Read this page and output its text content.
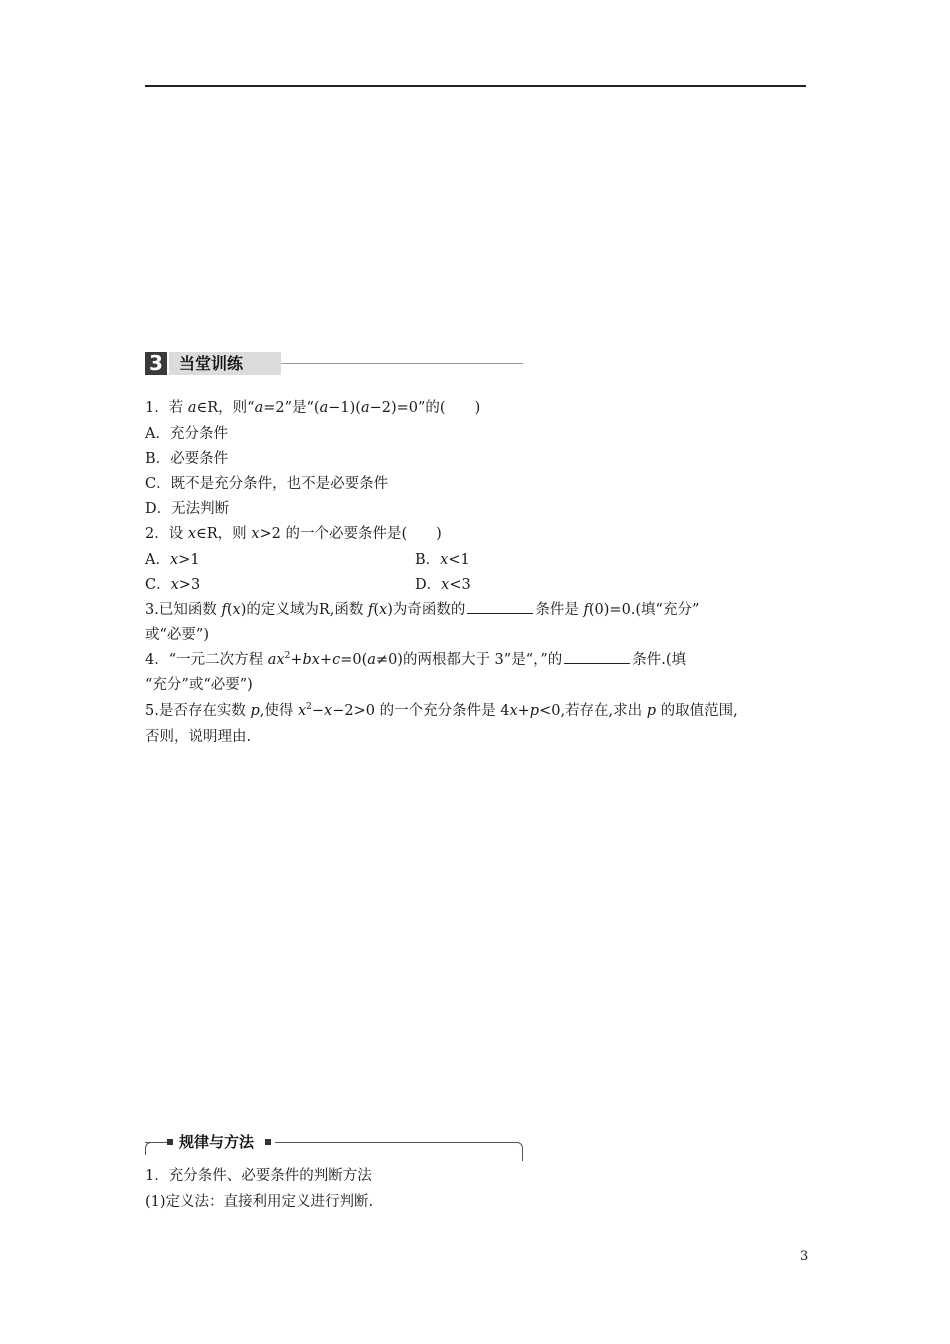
3	当堂训练
1．若 a∈R，则“a=2”是“(a−1)(a−2)=0”的(　　)
A．充分条件
B．必要条件
C．既不是充分条件，也不是必要条件
D．无法判断
2．设 x∈R，则 x>2 的一个必要条件是(　　)
A．x>1	B．x<1
C．x>3	D．x<3
3.已知函数 f(x)的定义域为R,函数 f(x)为奇函数的	条件是 f(0)=0.(填“充分”
或“必要”)
4．“一元二次方程 $ax^2+bx+c=0(a\ne 0)$的两根都大于 3”是“，”的	条件.(填
“充分”或“必要”)
5.是否存在实数 p,使得 $x^2-x-2>0$ 的一个充分条件是 4x+p<0,若存在,求出 p 的取值范围,
否则，说明理由.
规律与方法
1．充分条件、必要条件的判断方法
(1)定义法：直接利用定义进行判断.
3
